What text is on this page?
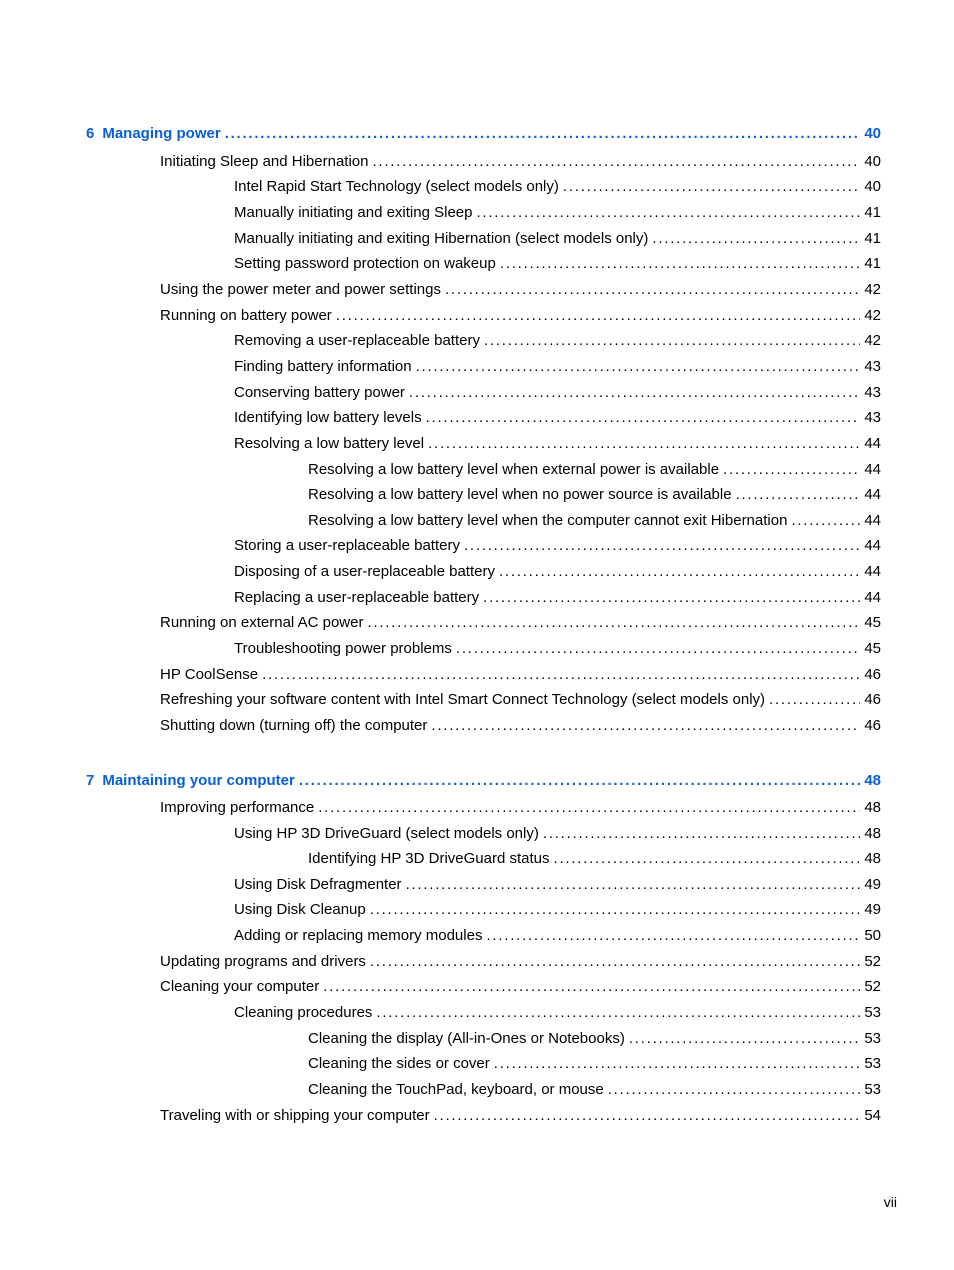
6 Managing power . . .	40
Initiating Sleep and Hibernation . . .	40
Intel Rapid Start Technology (select models only) . . .	40
Manually initiating and exiting Sleep . . .	41
Manually initiating and exiting Hibernation (select models only) . . .	41
Setting password protection on wakeup . . .	41
Using the power meter and power settings . . .	42
Running on battery power . . .	42
Removing a user-replaceable battery . . .	42
Finding battery information . . .	43
Conserving battery power . . .	43
Identifying low battery levels . . .	43
Resolving a low battery level . . .	44
Resolving a low battery level when external power is available . . .	44
Resolving a low battery level when no power source is available . . .	44
Resolving a low battery level when the computer cannot exit Hibernation . . .	44
Storing a user-replaceable battery . . .	44
Disposing of a user-replaceable battery . . .	44
Replacing a user-replaceable battery . . .	44
Running on external AC power . . .	45
Troubleshooting power problems . . .	45
HP CoolSense . . .	46
Refreshing your software content with Intel Smart Connect Technology (select models only) . . .	46
Shutting down (turning off) the computer . . .	46
7 Maintaining your computer . . .	48
Improving performance . . .	48
Using HP 3D DriveGuard (select models only) . . .	48
Identifying HP 3D DriveGuard status . . .	48
Using Disk Defragmenter . . .	49
Using Disk Cleanup . . .	49
Adding or replacing memory modules . . .	50
Updating programs and drivers . . .	52
Cleaning your computer . . .	52
Cleaning procedures . . .	53
Cleaning the display (All-in-Ones or Notebooks) . . .	53
Cleaning the sides or cover . . .	53
Cleaning the TouchPad, keyboard, or mouse . . .	53
Traveling with or shipping your computer . . .	54
vii
